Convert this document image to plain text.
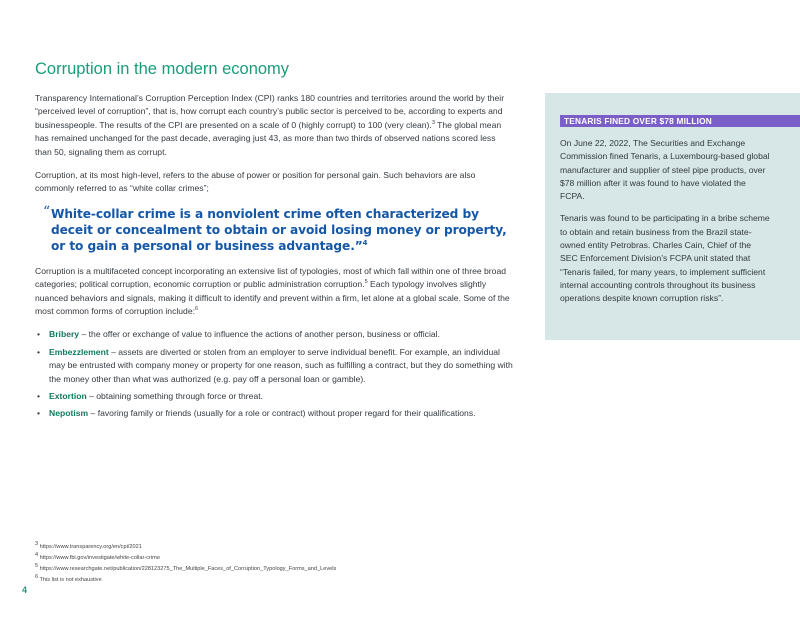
Corruption in the modern economy

Transparency International’s Corruption Perception Index (CPI) ranks 180 countries and territories around the world by their “perceived level of corruption”, that is, how corrupt each country’s public sector is perceived to be, according to experts and businesspeople. The results of the CPI are presented on a scale of 0 (highly corrupt) to 100 (very clean).$^3$ The global mean has remained unchanged for the past decade, averaging just 43, as more than two thirds of observed nations scored less than 50, signaling them as corrupt.

Corruption, at its most high-level, refers to the abuse of power or position for personal gain. Such behaviors are also commonly referred to as “white collar crimes”;

“ White-collar crime is a nonviolent crime often characterized by deceit or concealment to obtain or avoid losing money or property, or to gain a personal or business advantage.”$^4$

Corruption is a multifaceted concept incorporating an extensive list of typologies, most of which fall within one of three broad categories; political corruption, economic corruption or public administration corruption.$^5$ Each typology involves slightly nuanced behaviors and signals, making it difficult to identify and prevent within a firm, let alone at a global scale. Some of the most common forms of corruption include:$^6$

• Bribery – the offer or exchange of value to influence the actions of another person, business or official.
• Embezzlement – assets are diverted or stolen from an employer to serve individual benefit. For example, an individual may be entrusted with company money or property for one reason, such as fulfilling a contract, but they do something with the money other than what was authorized (e.g. pay off a personal loan or gamble).
• Extortion – obtaining something through force or threat.
• Nepotism – favoring family or friends (usually for a role or contract) without proper regard for their qualifications.
TENARIS FINED OVER $78 MILLION

On June 22, 2022, The Securities and Exchange Commission fined Tenaris, a Luxembourg-based global manufacturer and supplier of steel pipe products, over $78 million after it was found to have violated the FCPA.

Tenaris was found to be participating in a bribe scheme to obtain and retain business from the Brazil state-owned entity Petrobras. Charles Cain, Chief of the SEC Enforcement Division’s FCPA unit stated that “Tenaris failed, for many years, to implement sufficient internal accounting controls throughout its business operations despite known corruption risks”.

$^3$ https://www.transparency.org/en/cpi/2021
$^4$ https://www.fbi.gov/investigate/white-collar-crime
$^5$ https://www.researchgate.net/publication/228123275_The_Multiple_Faces_of_Corruption_Typology_Forms_and_Levels
$^6$ This list is not exhaustive
4
